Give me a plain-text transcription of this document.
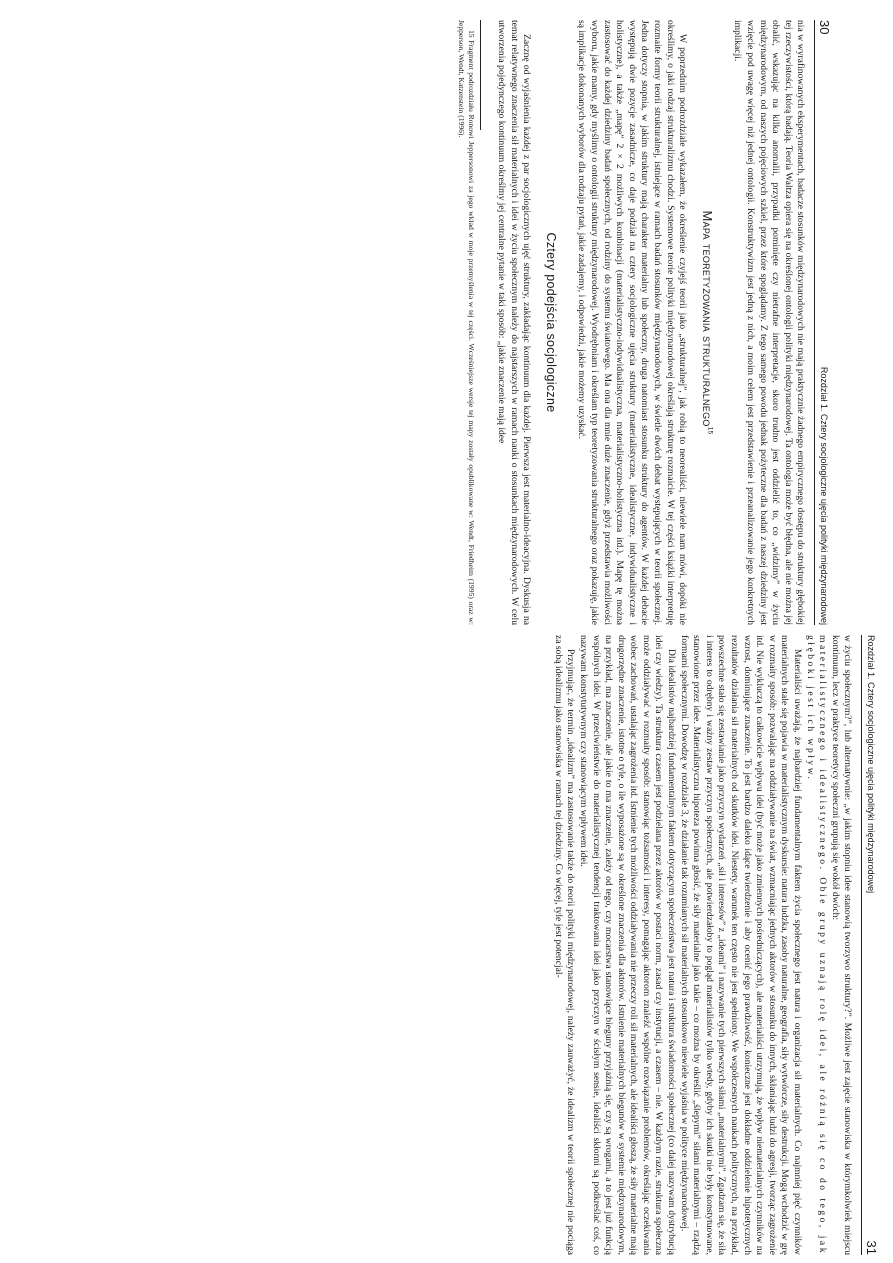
Rozdział 1. Cztery socjologiczne ujęcia polityki międzynarodowej
31

w życiu społecznym?”, lub alternatywnie: „w jakim stopniu idee stanowią tworzywo struktury?”. Możliwe jest zajęcie stanowiska w którymkolwiek miejscu kontinuum, lecz w praktyce teoretycy społeczni grupują się wokół dwóch:

materialistycznego i idealistycznego. Obie grupy uznają rolę idei, ale różnią się co do tego, jak głęboki jest ich wpływ.

Materialiści uważają, że najbardziej fundamentalnym faktem życia społecznego jest natura i organizacja sił materialnych. Co najmniej pięć czynników materialnych stale się pojawia w materialistycznym dyskursie: natura ludzka, zasoby naturalne, geografia, siły wytwórcze, siły destrukcji. Mogą wchodzić w grę w rozmaity sposób: pozwalając na oddziaływanie na świat, wzmacniając jednych aktorów w stosunku do innych, skłaniając ludzi do agresji, tworząc zagrożenie itd. Nie wykluczą to całkowicie wpływu idei (być może jako zmiennych pośredniczących), ale materialiści utrzymują, że wpływ niematerialnych czynników na wzrost, dominujące znaczenie. To jest bardzo daleko idące twierdzenie i aby ocenić jego prawdziwość, konieczne jest dokładne oddzielenie hipotetycznych rezultatów działania sił materialnych od skutków idei. Niestety, warunek ten często nie jest spełniony. We współczesnych naukach politycznych, na przykład, powszechne stało się zestawianie jako przyczyn wydarzeń „sił i interesów” z „ideami” i nazywanie tych pierwszych siłami „materialnymi”. Zgadzam się, że siła i interes to odrębny i ważny zestaw przyczyn społecznych, ale potwierdzałoby to pogląd materialistów tylko wtedy, gdyby ich skutki nie były konstytuowane, stanowione przez idee. Materialistyczna hipoteza powinna głosić, że siły materialne jako takie – co można by określić „ślepymi” siłami materialnymi – rządzą formami społecznymi. Dowodzę w rozdziale 3, że działanie tak rozumianych sił materialnych stosunkowo niewiele wyjaśnia w polityce międzynarodowej.

Dla idealistów najbardziej fundamentalnym faktem dotyczącym społeczeństwa jest natura i struktura świadomości społecznej (co dalej nazywam dystrybucją idei czy wiedzy). Ta struktura czasem jest podzielana przez aktorów w postaci norm, zasad czy instytucji, a czasem – nie. W każdym razie, struktura społeczna może oddziaływać w rozmaity sposób: stanowiąc tożsamości i interesy, pomagając aktorom znaleźć wspólne rozwiązanie problemów, określając oczekiwania wobec zachowań, ustalając zagrożenia itd. Istnienie tych możliwości oddziaływania nie przeczy roli sił materialnych, ale idealiści głoszą, że siły materialne mają drugorzędne znaczenie, istotne o tyle, o ile wyposażone są w określone znaczenia dla aktorów. Istnienie materialnych biegunów w systemie międzynarodowym, na przykład, ma znaczenie, ale jakie to ma znaczenie, zależy od tego, czy mocarstwa stanowiące bieguny przyjaźnią się, czy są wrogami, a to jest już funkcją wspólnych idei. W przeciwieństwie do materialistycznej tendencji traktowania idei jako przyczyn w ścisłym sensie, idealiści skłonni są podkreślać coś, co nazywam konstytutywnym czy stanowiącym wpływem idei.

Przyjmując, że termin „idealizm” ma zastosowanie także do teorii polityki międzynarodowej, należy zauważyć, że idealizm w teorii społecznej nie pociąga za sobą idealizmu jako stanowiska w ramach tej dziedziny. Co więcej, tyle jest potencjal-

30
Rozdział 1. Cztery socjologiczne ujęcia polityki międzynarodowej

nia w wyrafinowanych eksperymentach, badacze stosunków międzynarodowych nie mają praktycznie żadnego empirycznego dostępu do struktury głębokiej tej rzeczywistości, którą badają. Teoria Waltza opiera się na określonej ontologii polityki międzynarodowej. Ta ontologia może być błędna, ale nie można jej obalić, wskazując na kilka anomalii, przypadki pominięte czy nietrafne interpretacje, skoro trudno jest oddzielić to, co „widzimy” w życiu międzynarodowym, od naszych pojęciowych szkiel, przez które spoglądamy. Z tego samego powodu jednak pożyteczne dla badań z naszej dziedziny jest wzięcie pod uwagę więcej niż jednej ontologii. Konstruktywizm jest jedną z nich, a moim celem jest przedstawienie i przeanalizowanie jego konkretnych implikacji.

Mapa teoretyzowania strukturalnego$^{15}$

W poprzednim podrozdziale wykazałem, że określenie czyjejś teorii jako „strukturalnej”, jak robią to neorealiści, niewiele nam mówi, dopóki nie określimy, o jaki rodzaj strukturalizmu chodzi. Systemowe teorie polityki międzynarodowej określają strukturę rozmaicie. W tej części książki interpretuję rozmaite formy teorii strukturalnej, istniejące w ramach badań stosunków międzynarodowych, w świetle dwóch debat występujących w teorii społecznej. Jedna dotyczy stopnia, w jakim struktury mają charakter materialny lub społeczny, druga natomiast stosunku struktury do agentów. W każdej debacie występują dwie pozycje zasadnicze, co daje podział na cztery socjologiczne ujęcia struktury (materialistyczne, idealistyczne, indywidualistyczne i holistyczne), a także „mapę” 2 × 2 możliwych kombinacji (materialistyczno-indywidualistyczna, materialistyczno-holistyczna itd.). Mapę tę można zastosować do każdej dziedziny badań społecznych, od rodziny do systemu światowego. Ma ona dla mnie duże znaczenie, gdyż przedstawia możliwości wyboru, jakie mamy, gdy myślimy o ontologii struktury międzynarodowej. Wyodrębniam i określam typ teoretyzowania strukturalnego oraz pokazuję, jakie są implikacje dokonanych wyborów dla rodzaju pytań, jakie zadajemy, i odpowiedzi, jakie możemy uzyskać.

Cztery podejścia socjologiczne

Zacznę od wyjaśnienia każdej z par socjologicznych ujęć struktury, zakładając kontinuum dla każdej. Pierwsza jest materialno-ideacyjna. Dyskusja na temat relatywnego znaczenia sił materialnych i idei w życiu społecznym należy do najstarszych w ramach nauki o stosunkach międzynarodowych. W celu utworzenia pojedynczego kontinuum określmy jej centralne pytanie w taki sposób: „jakie znaczenie mają idee

15 Fragment podrozdziału Ronowi Jeppersonowi za jego wkład w moje przemyślenia w tej części. Wcześniejsze wersje tej mapy zostały opublikowane w: Wendt, Friedheim (1995) oraz w: Jepperson, Wendt, Katzenstein (1996).
